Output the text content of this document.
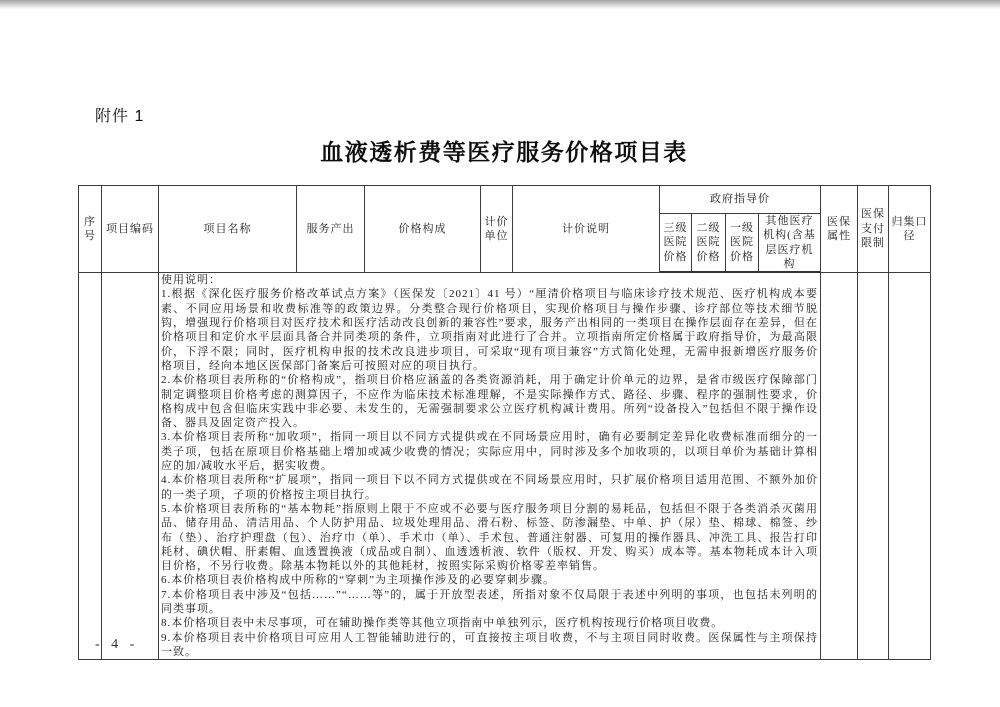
附件 1
血液透析费等医疗服务价格项目表
序号	项目编码	项目名称	服务产出	价格构成	计价单位	计价说明	政府指导价				医保属性	医保支付限制	归集口径
							三级医院价格	二级医院价格	一级医院价格	其他医疗机构(含基层医疗机构			

使用说明：
1.根据《深化医疗服务价格改革试点方案》（医保发〔2021〕41 号）“厘清价格项目与临床诊疗技术规范、医疗机构成本要素、不同应用场景和收费标准等的政策边界。分类整合现行价格项目，实现价格项目与操作步骤、诊疗部位等技术细节脱钩，增强现行价格项目对医疗技术和医疗活动改良创新的兼容性”要求，服务产出相同的一类项目在操作层面存在差异，但在价格项目和定价水平层面具备合并同类项的条件，立项指南对此进行了合并。立项指南所定价格属于政府指导价，为最高限价，下浮不限；同时，医疗机构申报的技术改良进步项目，可采取“现有项目兼容”方式简化处理，无需申报新增医疗服务价格项目，经向本地区医保部门备案后可按照对应的项目执行。
2.本价格项目表所称的“价格构成”，指项目价格应涵盖的各类资源消耗，用于确定计价单元的边界，是省市级医疗保障部门制定调整项目价格考虑的测算因子，不应作为临床技术标准理解，不是实际操作方式、路径、步骤、程序的强制性要求，价格构成中包含但临床实践中非必要、未发生的，无需强制要求公立医疗机构减计费用。所列“设备投入”包括但不限于操作设备、器具及固定资产投入。
3.本价格项目表所称“加收项”，指同一项目以不同方式提供或在不同场景应用时，确有必要制定差异化收费标准而细分的一类子项，包括在原项目价格基础上增加或减少收费的情况；实际应用中，同时涉及多个加收项的，以项目单价为基础计算相应的加/减收水平后，据实收费。
4.本价格项目表所称“扩展项”，指同一项目下以不同方式提供或在不同场景应用时，只扩展价格项目适用范围、不额外加价的一类子项，子项的价格按主项目执行。
5.本价格项目表所称的“基本物耗”指原则上限于不应或不必要与医疗服务项目分割的易耗品，包括但不限于各类消杀灭菌用品、储存用品、清洁用品、个人防护用品、垃圾处理用品、滑石粉、标签、防渗漏垫、中单、护（尿）垫、棉球、棉签、纱布（垫）、治疗护理盘（包）、治疗巾（单）、手术巾（单）、手术包、普通注射器、可复用的操作器具、冲洗工具、报告打印耗材、碘伏帽、肝素帽、血透置换液（成品或自制）、血透透析液、软件（版权、开发、购买）成本等。基本物耗成本计入项目价格，不另行收费。除基本物耗以外的其他耗材，按照实际采购价格零差率销售。
6.本价格项目表价格构成中所称的“穿刺”为主项操作涉及的必要穿刺步骤。
7.本价格项目表中涉及“包括……”“……等”的，属于开放型表述，所指对象不仅局限于表述中列明的事项，也包括未列明的同类事项。
8.本价格项目表中未尽事项，可在辅助操作类等其他立项指南中单独列示，医疗机构按现行价格项目收费。
9.本价格项目表中价格项目可应用人工智能辅助进行的，可直接按主项目收费，不与主项目同时收费。医保属性与主项保持一致。

- 4 -
